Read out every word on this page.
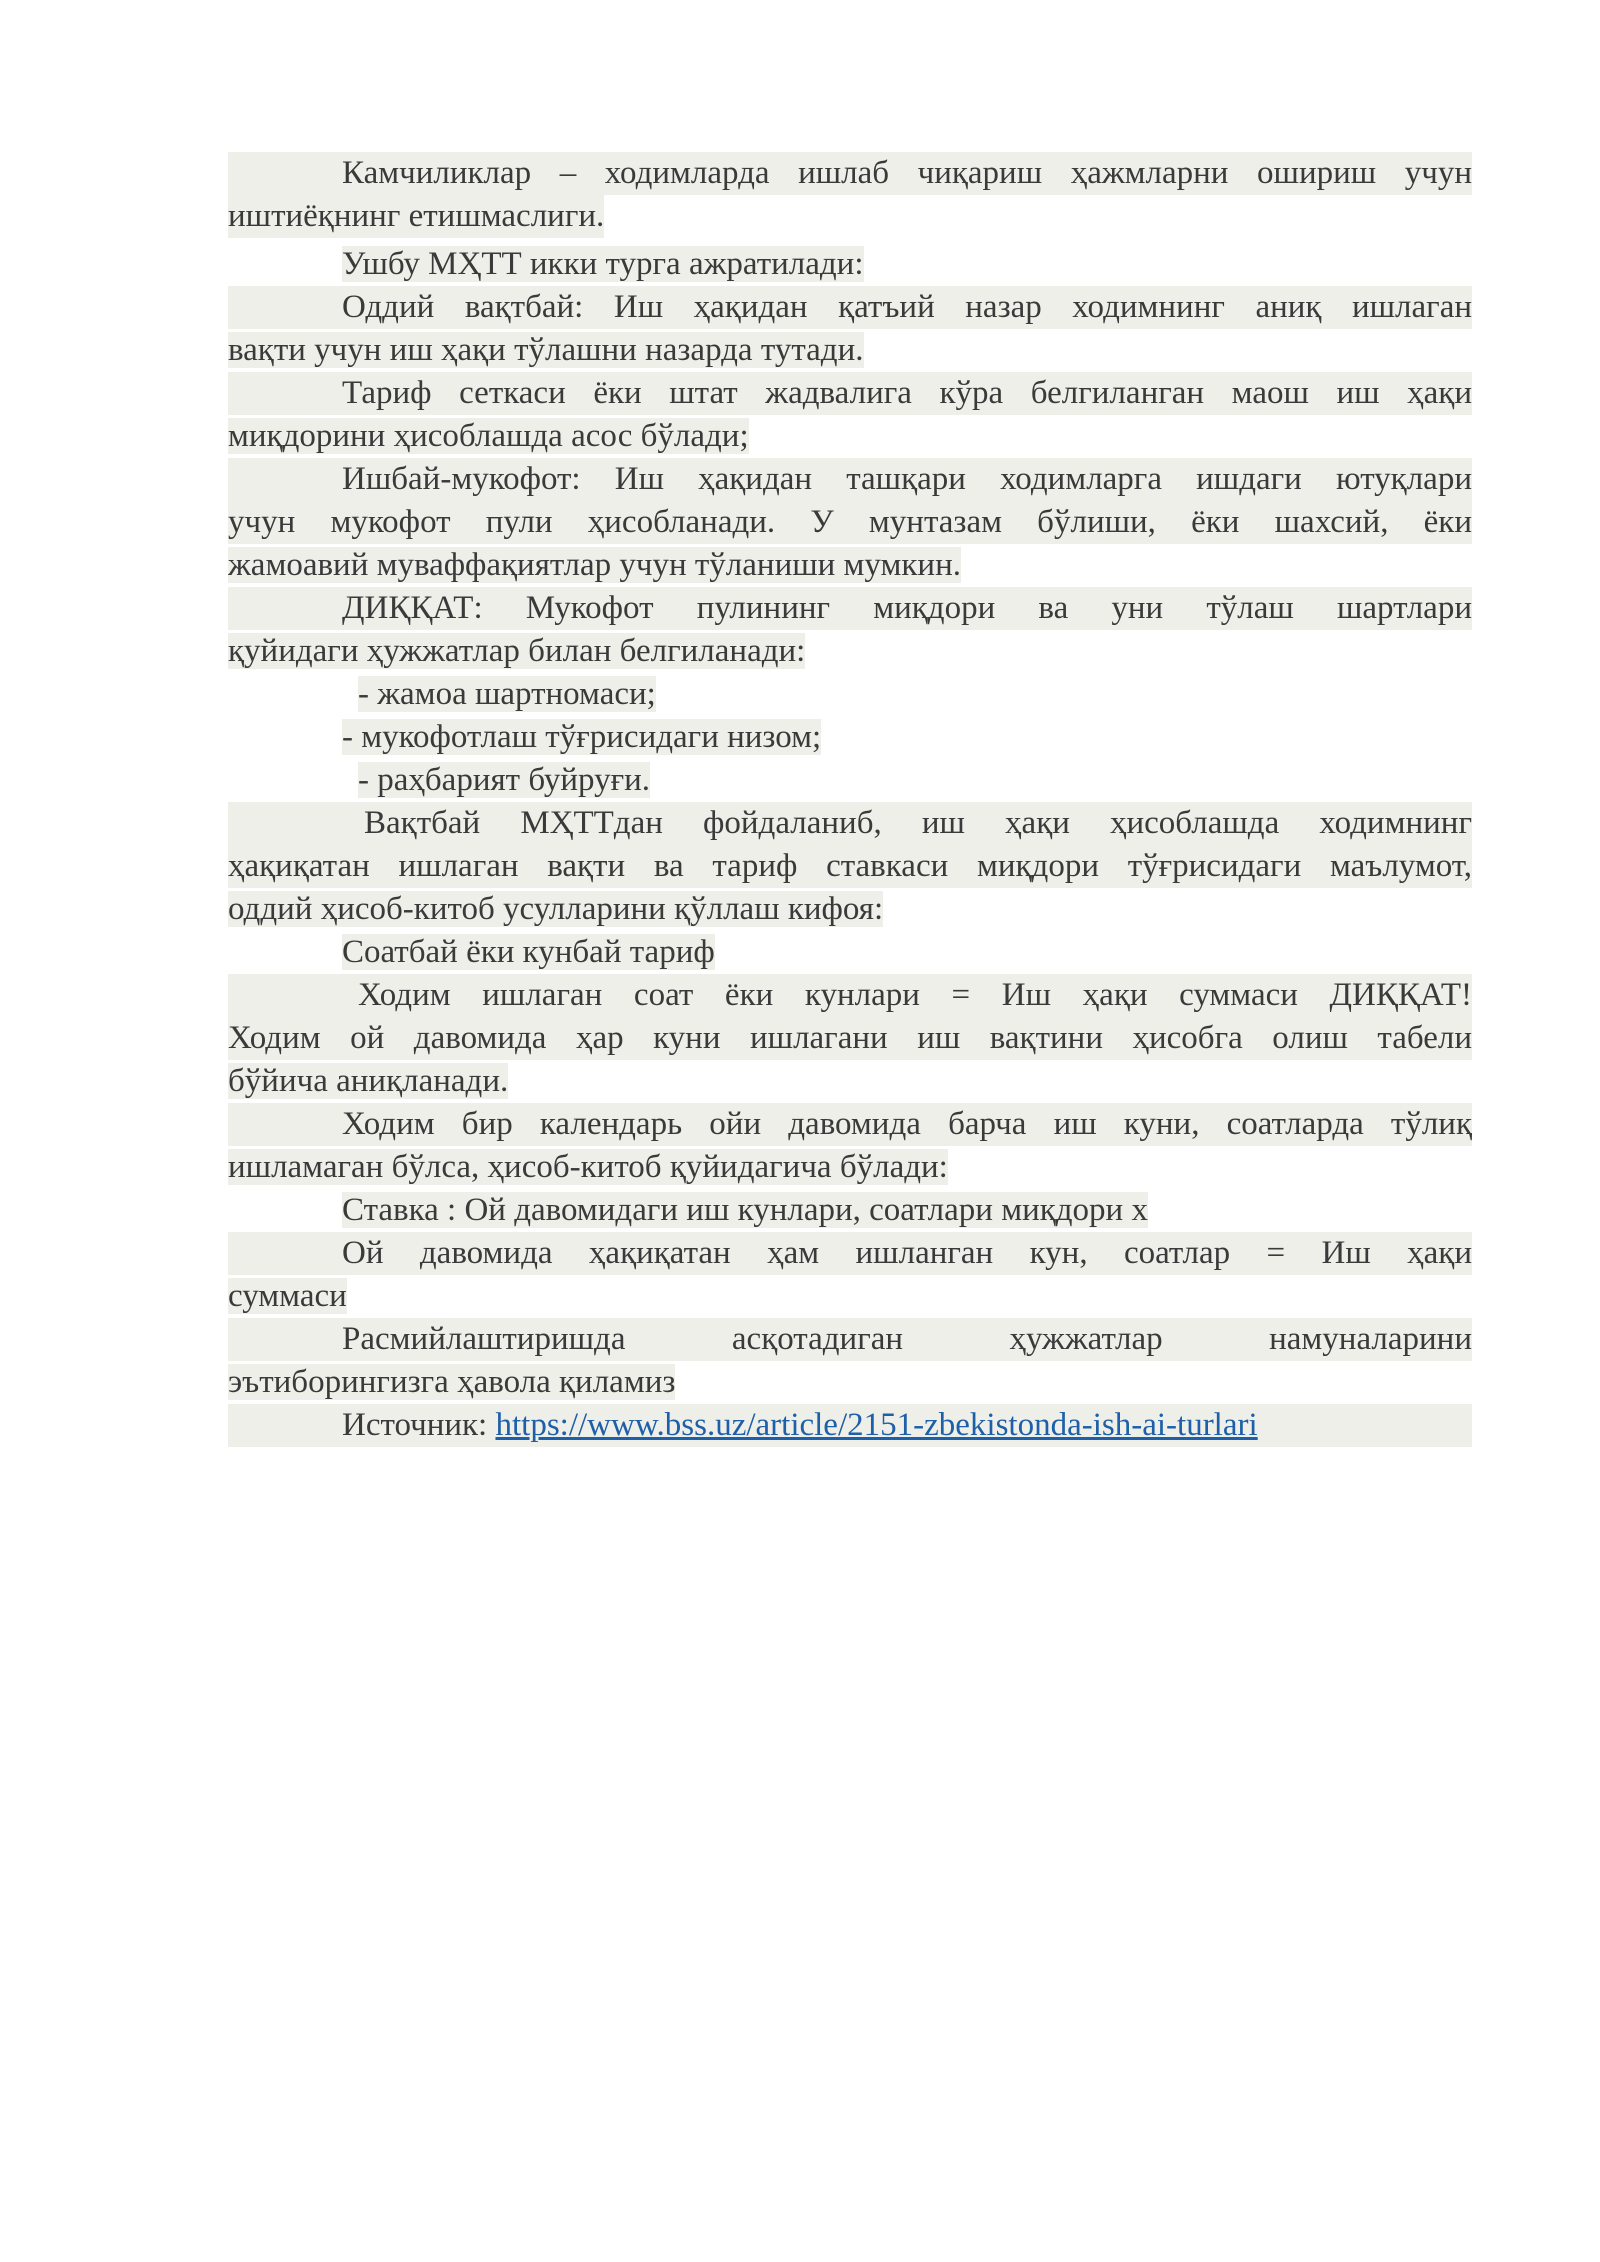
Камчиликлар – ходимларда ишлаб чиқариш ҳажмларни ошириш учун
иштиёқнинг етишмаслиги.
Ушбу МҲТТ икки турга ажратилади:
Оддий вақтбай: Иш ҳақидан қатъий назар ходимнинг аниқ ишлаган
вақти учун иш ҳақи тўлашни назарда тутади.
Тариф сеткаси ёки штат жадвалига кўра белгиланган маош иш ҳақи
миқдорини ҳисоблашда асос бўлади;
Ишбай-мукофот: Иш ҳақидан ташқари ходимларга ишдаги ютуқлари
учун мукофот пули ҳисобланади. У мунтазам бўлиши, ёки шахсий, ёки
жамоавий муваффақиятлар учун тўланиши мумкин.
ДИҚҚАТ: Мукофот пулининг миқдори ва уни тўлаш шартлари
қуйидаги ҳужжатлар билан белгиланади:
- жамоа шартномаси;
- мукофотлаш тўғрисидаги низом;
- раҳбарият буйруғи.
Вақтбай МҲТТдан фойдаланиб, иш ҳақи ҳисоблашда ходимнинг
ҳақиқатан ишлаган вақти ва тариф ставкаси миқдори тўғрисидаги маълумот,
оддий ҳисоб-китоб усулларини қўллаш кифоя:
Соатбай ёки кунбай тариф
Ходим ишлаган соат ёки кунлари = Иш ҳақи суммаси ДИҚҚАТ!
Ходим ой давомида ҳар куни ишлагани иш вақтини ҳисобга олиш табели
бўйича аниқланади.
Ходим бир календарь ойи давомида барча иш куни, соатларда тўлиқ
ишламаган бўлса, ҳисоб-китоб қуйидагича бўлади:
Ставка : Ой давомидаги иш кунлари, соатлари миқдори х
Ой давомида ҳақиқатан ҳам ишланган кун, соатлар = Иш ҳақи
суммаси
Расмийлаштиришда асқотадиган ҳужжатлар намуналарини
эътиборингизга ҳавола қиламиз
Источник: https://www.bss.uz/article/2151-zbekistonda-ish-ai-turlari
